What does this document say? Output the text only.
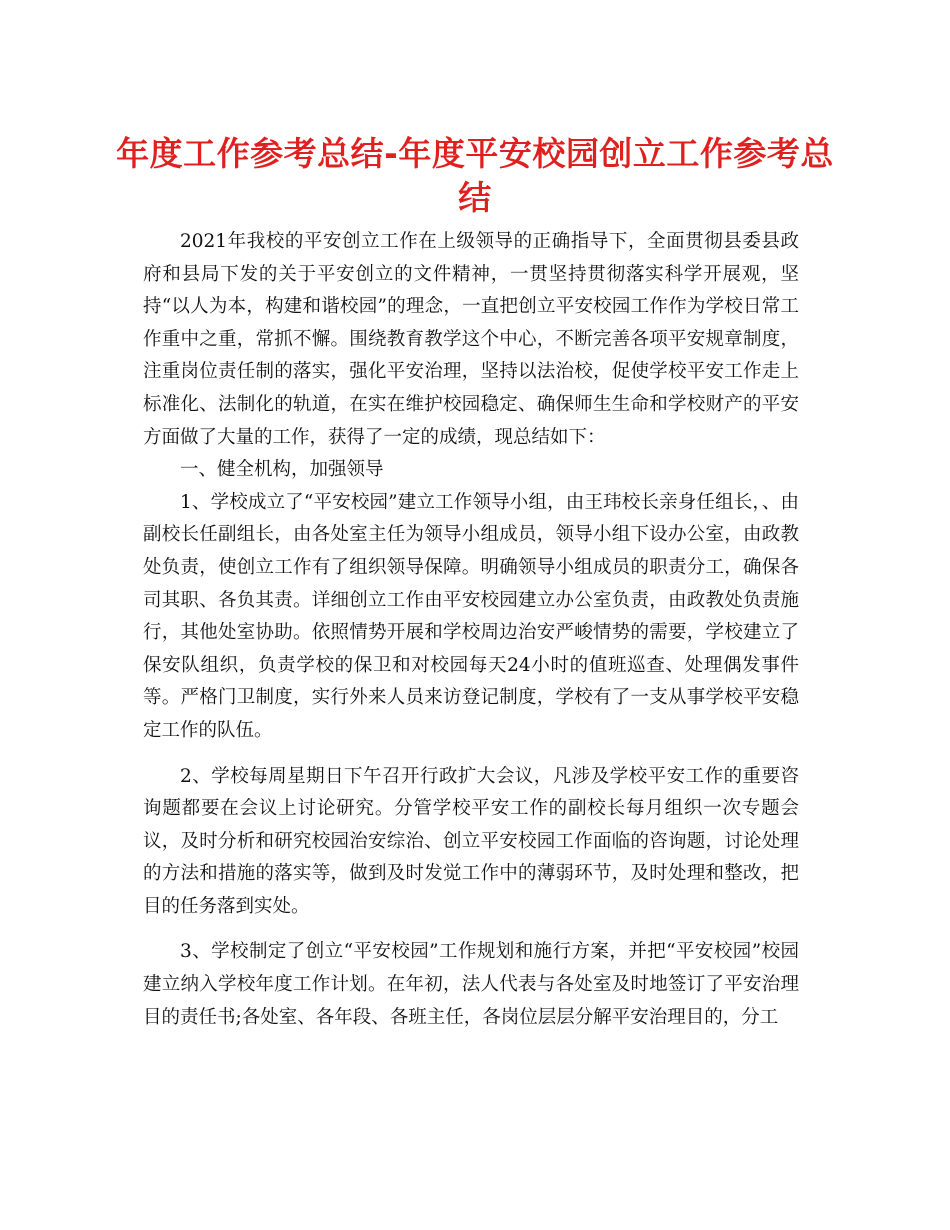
年度工作参考总结-年度平安校园创立工作参考总结

2021年我校的平安创立工作在上级领导的正确指导下，全面贯彻县委县政府和县局下发的关于平安创立的文件精神，一贯坚持贯彻落实科学开展观，坚持“以人为本，构建和谐校园”的理念，一直把创立平安校园工作作为学校日常工作重中之重，常抓不懈。围绕教育教学这个中心，不断完善各项平安规章制度，注重岗位责任制的落实，强化平安治理，坚持以法治校，促使学校平安工作走上标准化、法制化的轨道，在实在维护校园稳定、确保师生生命和学校财产的平安方面做了大量的工作，获得了一定的成绩，现总结如下：

一、健全机构，加强领导

1、学校成立了“平安校园”建立工作领导小组，由王玮校长亲身任组长，、由副校长任副组长，由各处室主任为领导小组成员，领导小组下设办公室，由政教处负责，使创立工作有了组织领导保障。明确领导小组成员的职责分工，确保各司其职、各负其责。详细创立工作由平安校园建立办公室负责，由政教处负责施行，其他处室协助。依照情势开展和学校周边治安严峻情势的需要，学校建立了保安队组织，负责学校的保卫和对校园每天24小时的值班巡查、处理偶发事件等。严格门卫制度，实行外来人员来访登记制度，学校有了一支从事学校平安稳定工作的队伍。

2、学校每周星期日下午召开行政扩大会议，凡涉及学校平安工作的重要咨询题都要在会议上讨论研究。分管学校平安工作的副校长每月组织一次专题会议，及时分析和研究校园治安综治、创立平安校园工作面临的咨询题，讨论处理的方法和措施的落实等，做到及时发觉工作中的薄弱环节，及时处理和整改，把目的任务落到实处。

3、学校制定了创立“平安校园”工作规划和施行方案，并把“平安校园”校园建立纳入学校年度工作计划。在年初，法人代表与各处室及时地签订了平安治理目的责任书;各处室、各年段、各班主任，各岗位层层分解平安治理目的，分工
